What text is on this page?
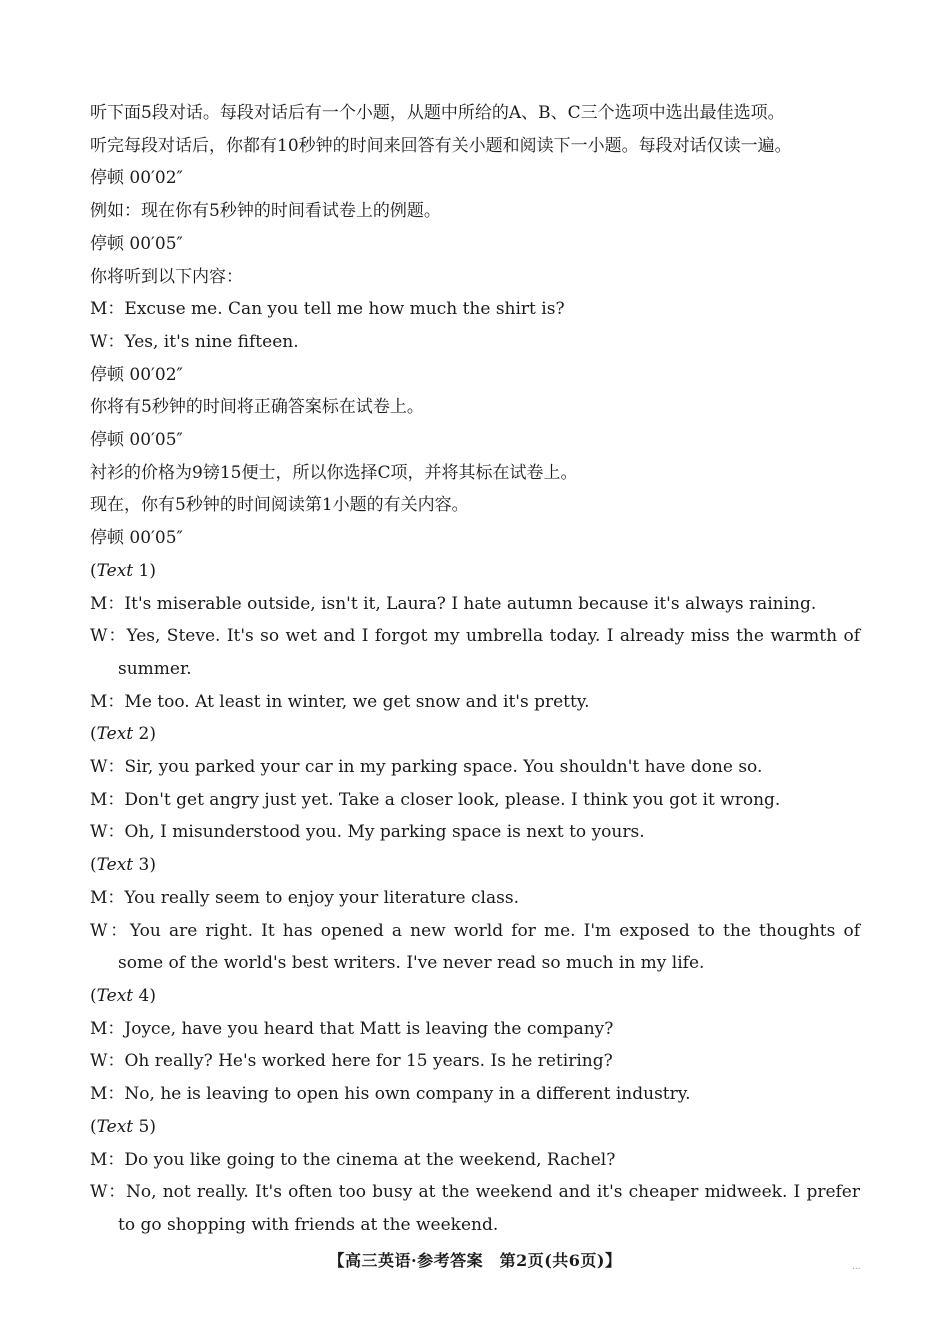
听下面5段对话。每段对话后有一个小题，从题中所给的A、B、C三个选项中选出最佳选项。
听完每段对话后，你都有10秒钟的时间来回答有关小题和阅读下一小题。每段对话仅读一遍。
停顿 00′02″
例如：现在你有5秒钟的时间看试卷上的例题。
停顿 00′05″
你将听到以下内容：
M：Excuse me. Can you tell me how much the shirt is?
W：Yes, it's nine fifteen.
停顿 00′02″
你将有5秒钟的时间将正确答案标在试卷上。
停顿 00′05″
衬衫的价格为9镑15便士，所以你选择C项，并将其标在试卷上。
现在，你有5秒钟的时间阅读第1小题的有关内容。
停顿 00′05″
(Text 1)
M：It's miserable outside, isn't it, Laura? I hate autumn because it's always raining.
W：Yes, Steve. It's so wet and I forgot my umbrella today. I already miss the warmth of summer.
M：Me too. At least in winter, we get snow and it's pretty.
(Text 2)
W：Sir, you parked your car in my parking space. You shouldn't have done so.
M：Don't get angry just yet. Take a closer look, please. I think you got it wrong.
W：Oh, I misunderstood you. My parking space is next to yours.
(Text 3)
M：You really seem to enjoy your literature class.
W：You are right. It has opened a new world for me. I'm exposed to the thoughts of some of the world's best writers. I've never read so much in my life.
(Text 4)
M：Joyce, have you heard that Matt is leaving the company?
W：Oh really? He's worked here for 15 years. Is he retiring?
M：No, he is leaving to open his own company in a different industry.
(Text 5)
M：Do you like going to the cinema at the weekend, Rachel?
W：No, not really. It's often too busy at the weekend and it's cheaper midweek. I prefer to go shopping with friends at the weekend.
【高三英语·参考答案　第2页(共6页)】	...
